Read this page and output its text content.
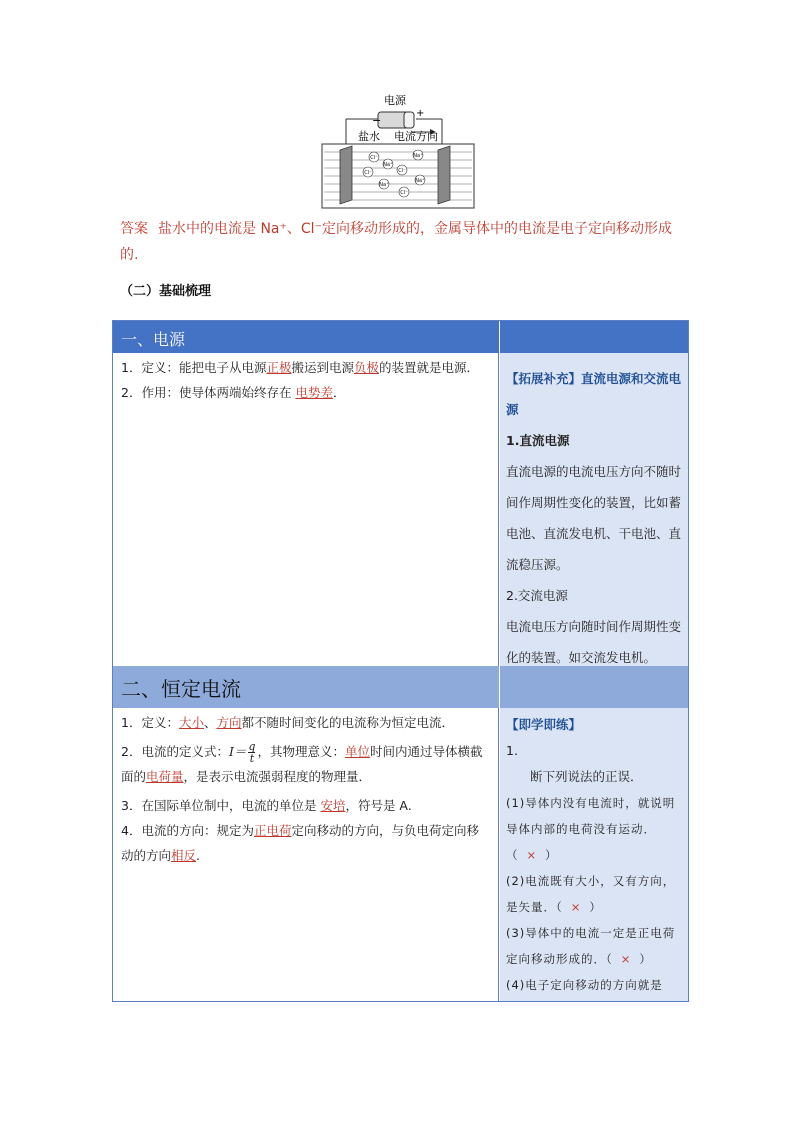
电源
−
+
盐水 电流方向
Cl⁻	Na⁺
Cl⁻
Na⁺
Na⁺
Cl⁻
Na⁺
Cl⁻
答案 盐水中的电流是 Na⁺、Cl⁻定向移动形成的，金属导体中的电流是电子定向移动形成的.
（二）基础梳理
一、电源
1．定义：能把电子从电源正极搬运到电源负极的装置就是电源．
2．作用：使导体两端始终存在 电势差．
【拓展补充】直流电源和交流电源
1.直流电源
直流电源的电流电压方向不随时间作周期性变化的装置，比如蓄电池、直流发电机、干电池、直流稳压源。
2.交流电源
电流电压方向随时间作周期性变化的装置。如交流发电机。
二、恒定电流
1．定义：大小、方向都不随时间变化的电流称为恒定电流．
2．电流的定义式：$I= \frac{q}{t}$ ，其物理意义：单位时间内通过导体横截面的电荷量，是表示电流强弱程度的物理量．
3．在国际单位制中，电流的单位是 安培，符号是 A.
4．电流的方向：规定为正电荷定向移动的方向，与负电荷定向移动的方向相反.
【即学即练】
1.
断下列说法的正误．
(1)导体内没有电流时，就说明导体内部的电荷没有运动．（ × ）
(2)电流既有大小，又有方向，是矢量．（ × ）
(3)导体中的电流一定是正电荷定向移动形成的．（ × ）
(4)电子定向移动的方向就是
